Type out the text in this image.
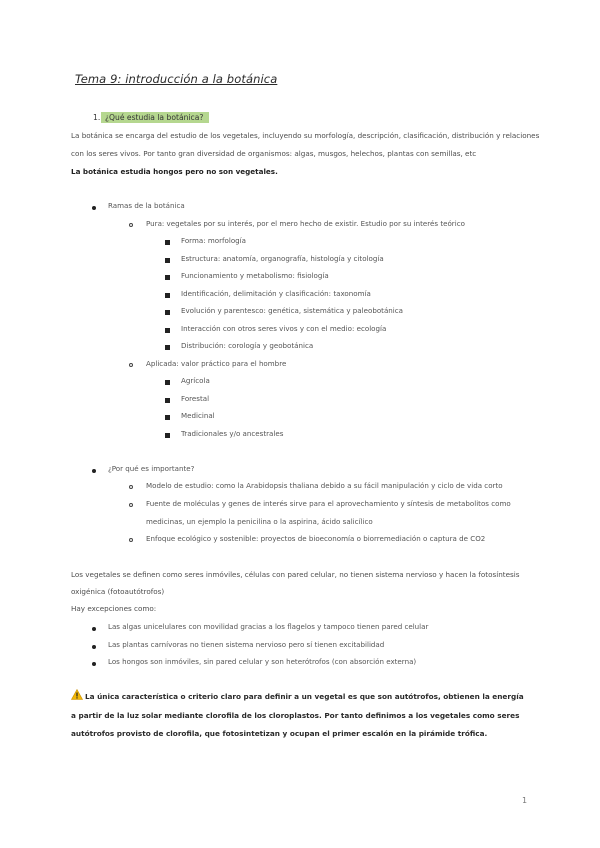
Tema 9: introducción a la botánica
1. ¿Qué estudia la botánica?
La botánica se encarga del estudio de los vegetales, incluyendo su morfología, descripción, clasificación, distribución y relaciones
con los seres vivos. Por tanto gran diversidad de organismos: algas, musgos, helechos, plantas con semillas, etc
La botánica estudia hongos pero no son vegetales.
Ramas de la botánica
Pura: vegetales por su interés, por el mero hecho de existir. Estudio por su interés teórico
Forma: morfología
Estructura: anatomía, organografía, histología y citología
Funcionamiento y metabolismo: fisiología
Identificación, delimitación y clasificación: taxonomía
Evolución y parentesco: genética, sistemática y paleobotánica
Interacción con otros seres vivos y con el medio: ecología
Distribución: corología y geobotánica
Aplicada: valor práctico para el hombre
Agrícola
Forestal
Medicinal
Tradicionales y/o ancestrales
¿Por qué es importante?
Modelo de estudio: como la Arabidopsis thaliana debido a su fácil manipulación y ciclo de vida corto
Fuente de moléculas y genes de interés sirve para el aprovechamiento y síntesis de metabolitos como
medicinas, un ejemplo la penicilina o la aspirina, ácido salicílico
Enfoque ecológico y sostenible: proyectos de bioeconomía o biorremediación o captura de CO2
Los vegetales se definen como seres inmóviles, células con pared celular, no tienen sistema nervioso y hacen la fotosíntesis
oxigénica (fotoautótrofos)
Hay excepciones como:
Las algas unicelulares con movilidad gracias a los flagelos y tampoco tienen pared celular
Las plantas carnívoras no tienen sistema nervioso pero sí tienen excitabilidad
Los hongos son inmóviles, sin pared celular y son heterótrofos (con absorción externa)
La única característica o criterio claro para definir a un vegetal es que son autótrofos, obtienen la energía a partir de la luz solar mediante clorofila de los cloroplastos. Por tanto definimos a los vegetales como seres autótrofos provisto de clorofila, que fotosintetizan y ocupan el primer escalón en la pirámide trófica.
1
